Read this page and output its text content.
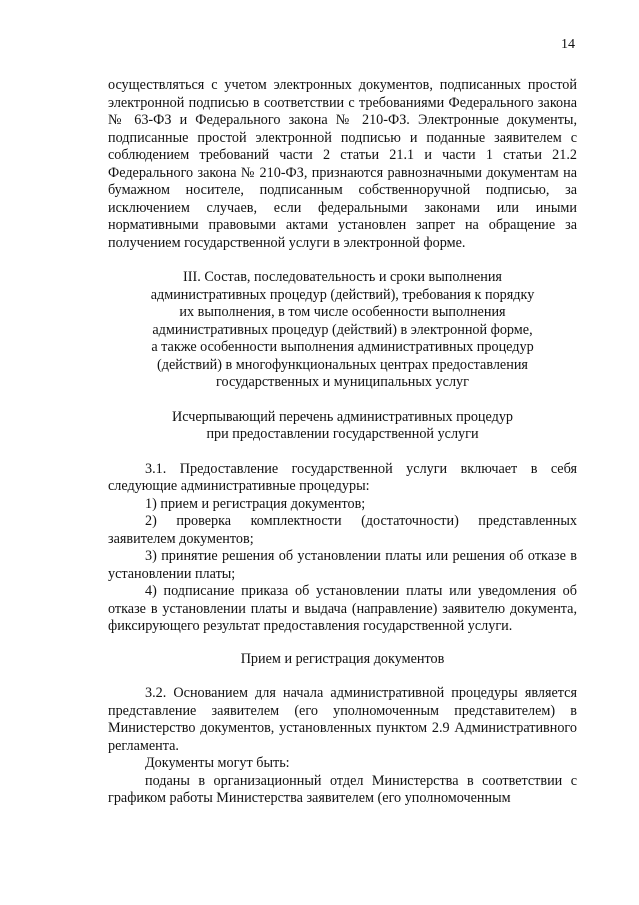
14

осуществляться с учетом электронных документов, подписанных простой электронной подписью в соответствии с требованиями Федерального закона № 63-ФЗ и Федерального закона № 210-ФЗ. Электронные документы, подписанные простой электронной подписью и поданные заявителем с соблюдением требований части 2 статьи 21.1 и части 1 статьи 21.2 Федерального закона № 210-ФЗ, признаются равнозначными документам на бумажном носителе, подписанным собственноручной подписью, за исключением случаев, если федеральными законами или иными нормативными правовыми актами установлен запрет на обращение за получением государственной услуги в электронной форме.

III. Состав, последовательность и сроки выполнения

административных процедур (действий), требования к порядку

их выполнения, в том числе особенности выполнения

административных процедур (действий) в электронной форме,

а также особенности выполнения административных процедур

(действий) в многофункциональных центрах предоставления

государственных и муниципальных услуг

Исчерпывающий перечень административных процедур

при предоставлении государственной услуги

3.1. Предоставление государственной услуги включает в себя следующие административные процедуры:

1) прием и регистрация документов;

2) проверка комплектности (достаточности) представленных заявителем документов;

3) принятие решения об установлении платы или решения об отказе в установлении платы;

4) подписание приказа об установлении платы или уведомления об отказе в установлении платы и выдача (направление) заявителю документа, фиксирующего результат предоставления государственной услуги.

Прием и регистрация документов

3.2. Основанием для начала административной процедуры является представление заявителем (его уполномоченным представителем) в Министерство документов, установленных пунктом 2.9 Административного регламента.

Документы могут быть:

поданы в организационный отдел Министерства в соответствии с графиком работы Министерства заявителем (его уполномоченным
